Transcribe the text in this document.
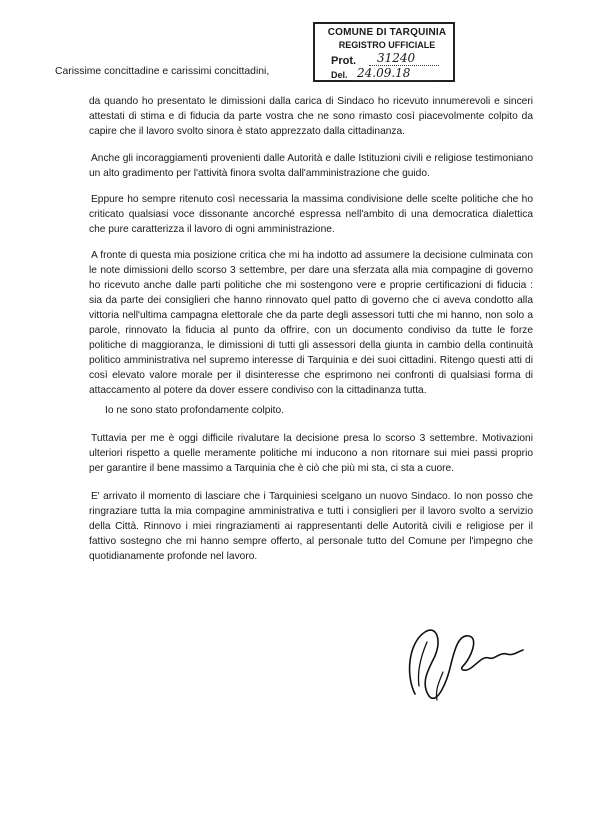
COMUNE DI TARQUINIA
REGISTRO UFFICIALE
Prot. 31240
Del. 24.09.18
Carissime concittadine e carissimi concittadini,

da quando ho presentato le dimissioni dalla carica di Sindaco ho ricevuto innumerevoli e sinceri attestati di stima e di fiducia da parte vostra che ne sono rimasto così piacevolmente colpito da capire che il lavoro svolto sinora è stato apprezzato dalla cittadinanza.

Anche gli incoraggiamenti provenienti dalle Autorità e dalle Istituzioni civili e religiose testimoniano un alto gradimento per l'attività finora svolta dall'amministrazione che guido.

Eppure ho sempre ritenuto così necessaria la massima condivisione delle scelte politiche che ho criticato qualsiasi voce dissonante ancorché espressa nell'ambito di una democratica dialettica che pure caratterizza il lavoro di ogni amministrazione.

A fronte di questa mia posizione critica che mi ha indotto ad assumere la decisione culminata con le note dimissioni dello scorso 3 settembre, per dare una sferzata alla mia compagine di governo ho ricevuto anche dalle parti politiche che mi sostengono vere e proprie certificazioni di fiducia : sia da parte dei consiglieri che hanno rinnovato quel patto di governo che ci aveva condotto alla vittoria nell'ultima campagna elettorale che da parte degli assessori tutti che mi hanno, non solo a parole, rinnovato la fiducia al punto da offrire, con un documento condiviso da tutte le forze politiche di maggioranza, le dimissioni di tutti gli assessori della giunta in cambio della continuità politico amministrativa nel supremo interesse di Tarquinia e dei suoi cittadini. Ritengo questi atti di così elevato valore morale per il disinteresse che esprimono nei confronti di qualsiasi forma di attaccamento al potere da dover essere condiviso con la cittadinanza tutta.

Io ne sono stato profondamente colpito.

Tuttavia per me è oggi difficile rivalutare la decisione presa lo scorso 3 settembre. Motivazioni ulteriori rispetto a quelle meramente politiche mi inducono a non ritornare sui miei passi proprio per garantire il bene massimo a Tarquinia che è ciò che più mi sta, ci sta a cuore.

E' arrivato il momento di lasciare che i Tarquiniesi scelgano un nuovo Sindaco. Io non posso che ringraziare tutta la mia compagine amministrativa e tutti i consiglieri per il lavoro svolto a servizio della Città. Rinnovo i miei ringraziamenti ai rappresentanti delle Autorità civili e religiose per il fattivo sostegno che mi hanno sempre offerto, al personale tutto del Comune per l'impegno che quotidianamente profonde nel lavoro.
